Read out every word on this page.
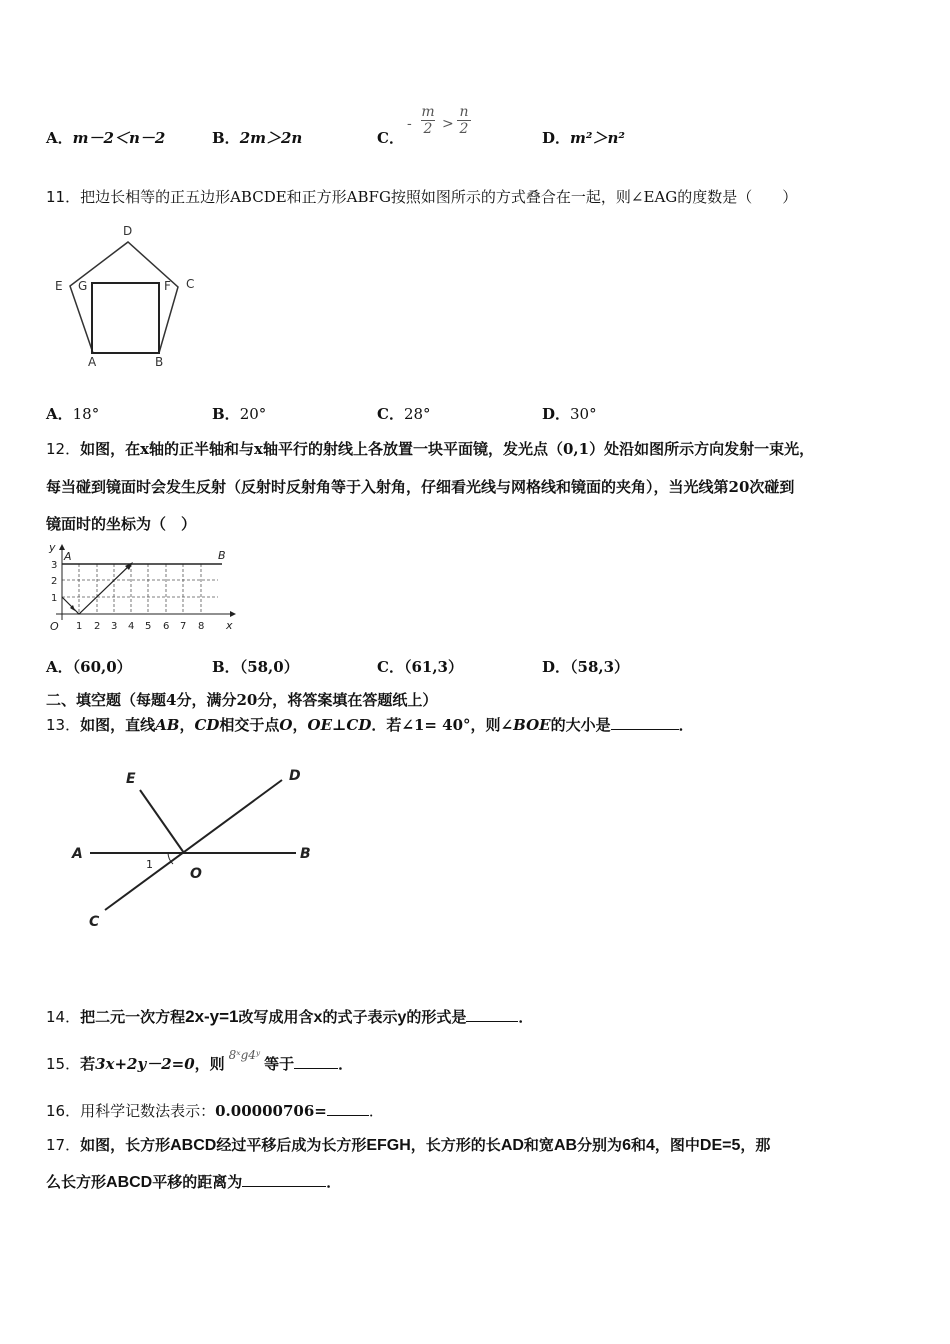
A．m－2＜n－2	B．2m＞2n	C．	D．m²＞n²
- $\frac{m}{2} > \frac{n}{2}$
11．把边长相等的正五边形ABCDE和正方形ABFG按照如图所示的方式叠合在一起，则∠EAG的度数是（　　）
D
E G	F C
A	B
A．18°	B．20°	C．28°	D．30°
12．如图，在x轴的正半轴和与x轴平行的射线上各放置一块平面镜，发光点（0,1）处沿如图所示方向发射一束光，
每当碰到镜面时会发生反射（反射时反射角等于入射角，仔细看光线与网格线和镜面的夹角），当光线第20次碰到
镜面时的坐标为（　）
y
A	B
O	x
3
2
1
1 2 3 4 5 6 7 8
A．（60,0）	B．（58,0）	C．（61,3）	D．（58,3）
二、填空题（每题4分，满分20分，将答案填在答题纸上）
13．如图，直线AB，CD相交于点O，OE⊥CD．若∠1= 40°，则∠BOE的大小是	．
E	D
A	B
1
O
C
14．把二元一次方程2x-y=1改写成用含x的式子表示y的形式是	．
15．若3x+2y－2=0，则 8ˣg4ʸ 等于	．
16．用科学记数法表示：0.00000706=	．
17．如图，长方形ABCD经过平移后成为长方形EFGH，长方形的长AD和宽AB分别为6和4，图中DE=5，那
么长方形ABCD平移的距离为	．
